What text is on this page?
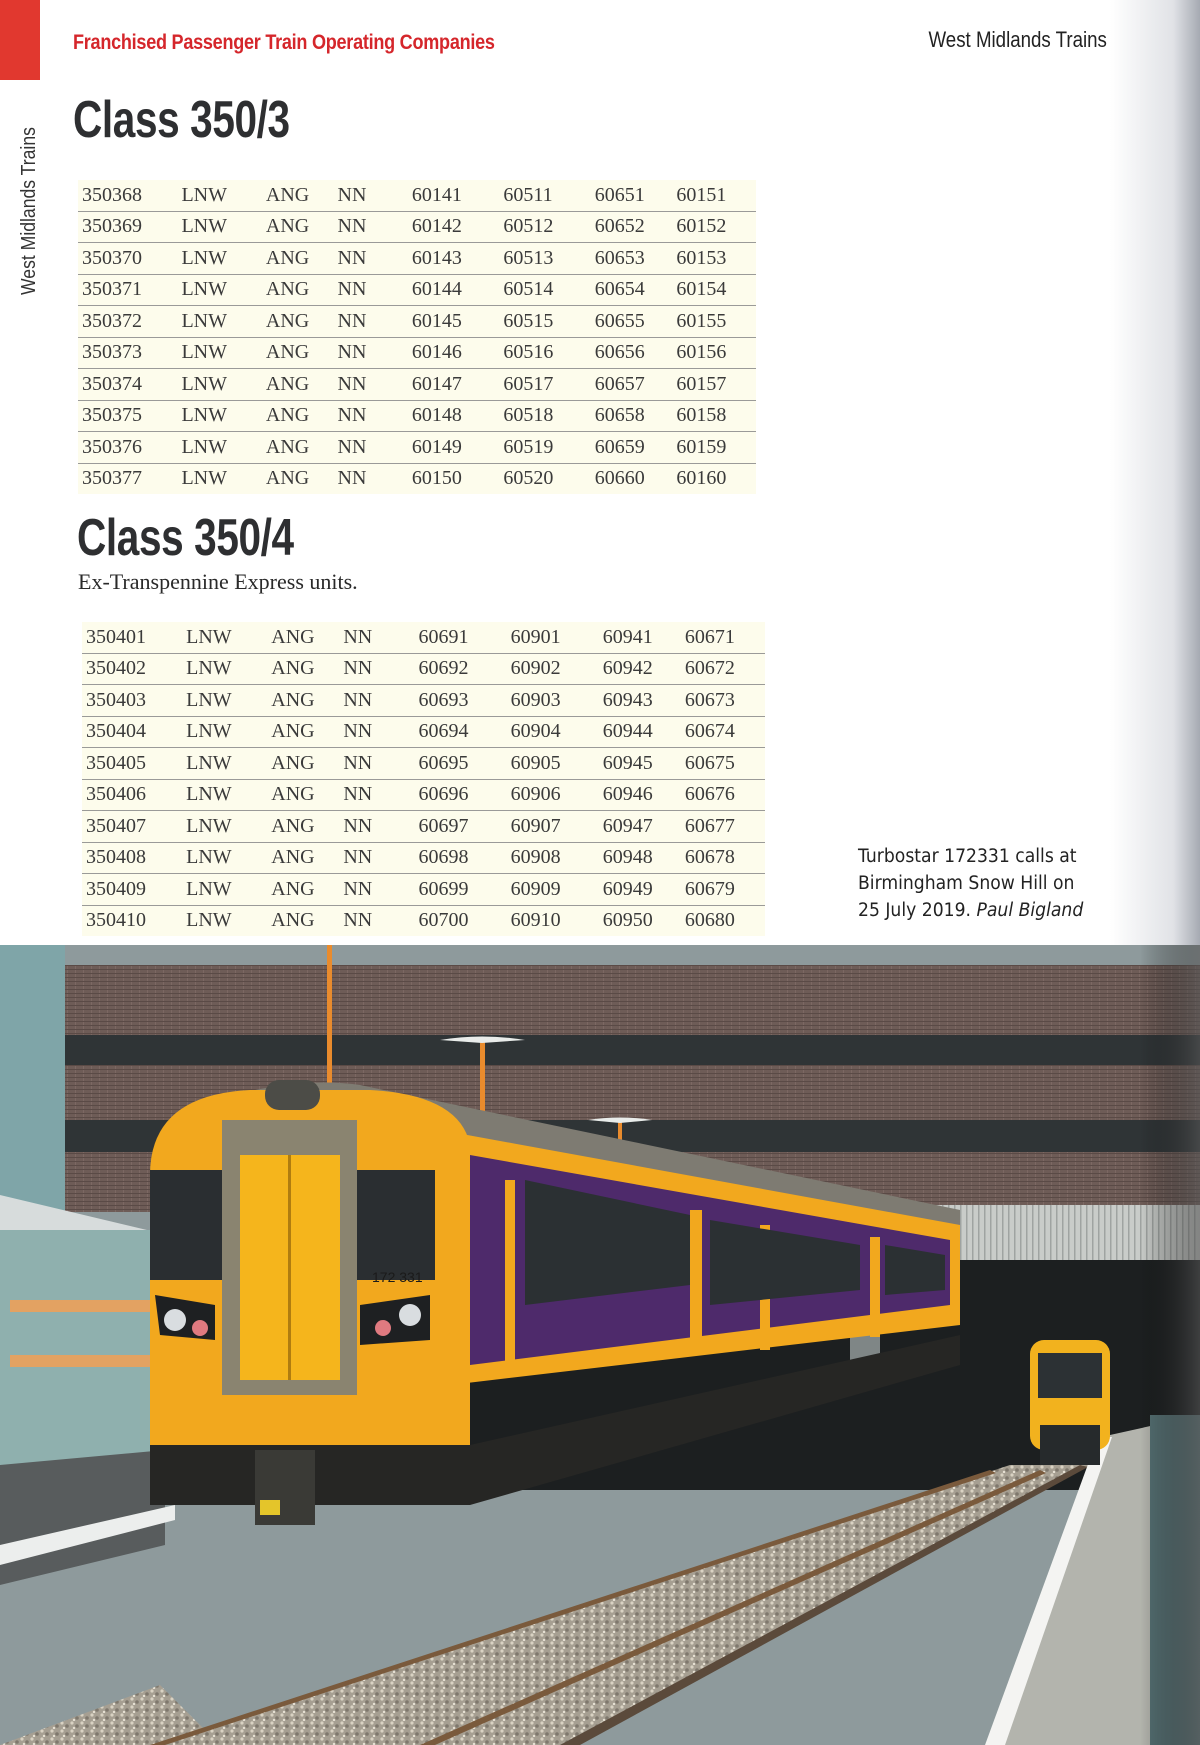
Franchised Passenger Train Operating Companies	West Midlands Trains
West Midlands Trains
Class 350/3
350368	LNW	ANG	NN	60141	60511	60651	60151
350369	LNW	ANG	NN	60142	60512	60652	60152
350370	LNW	ANG	NN	60143	60513	60653	60153
350371	LNW	ANG	NN	60144	60514	60654	60154
350372	LNW	ANG	NN	60145	60515	60655	60155
350373	LNW	ANG	NN	60146	60516	60656	60156
350374	LNW	ANG	NN	60147	60517	60657	60157
350375	LNW	ANG	NN	60148	60518	60658	60158
350376	LNW	ANG	NN	60149	60519	60659	60159
350377	LNW	ANG	NN	60150	60520	60660	60160
Class 350/4
Ex-Transpennine Express units.
350401	LNW	ANG	NN	60691	60901	60941	60671
350402	LNW	ANG	NN	60692	60902	60942	60672
350403	LNW	ANG	NN	60693	60903	60943	60673
350404	LNW	ANG	NN	60694	60904	60944	60674
350405	LNW	ANG	NN	60695	60905	60945	60675
350406	LNW	ANG	NN	60696	60906	60946	60676
350407	LNW	ANG	NN	60697	60907	60947	60677
350408	LNW	ANG	NN	60698	60908	60948	60678
350409	LNW	ANG	NN	60699	60909	60949	60679
350410	LNW	ANG	NN	60700	60910	60950	60680
Turbostar 172331 calls at
Birmingham Snow Hill on
25 July 2019. Paul Bigland
172 331
